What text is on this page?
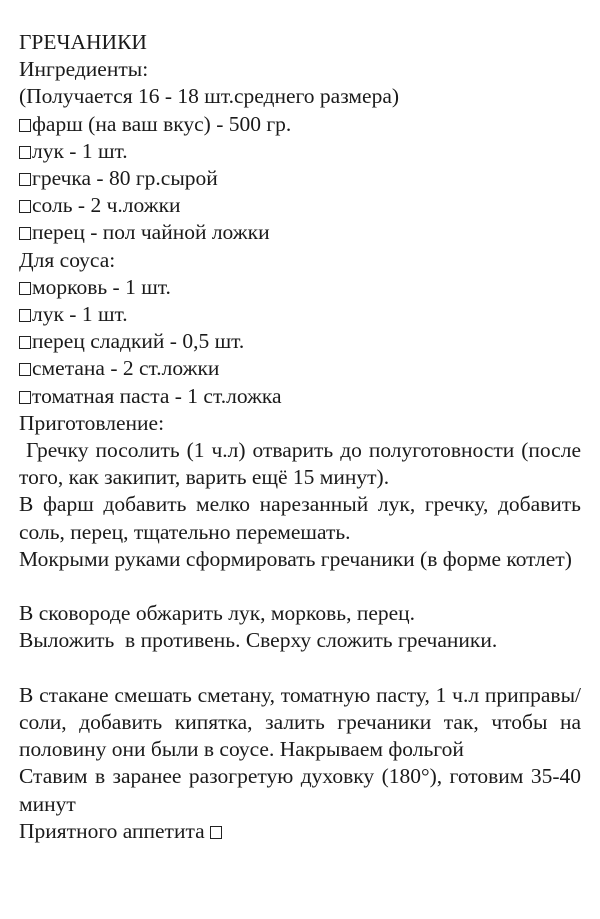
ГРЕЧАНИКИ
Ингредиенты:
(Получается 16 - 18 шт.среднего размера)
фарш (на ваш вкус) - 500 гр.
лук - 1 шт.
гречка - 80 гр.сырой
соль - 2 ч.ложки
перец - пол чайной ложки
Для соуса:
морковь - 1 шт.
лук - 1 шт.
перец сладкий - 0,5 шт.
сметана - 2 ст.ложки
томатная паста - 1 ст.ложка
Приготовление:
Гречку посолить (1 ч.л) отварить до полуготовности (после того, как закипит, варить ещё 15 минут).
В фарш добавить мелко нарезанный лук, гречку, добавить соль, перец, тщательно перемешать.
Мокрыми руками сформировать гречаники (в форме котлет)
В сковороде обжарить лук, морковь, перец.
Выложить  в противень. Сверху сложить гречаники.
В стакане смешать сметану, томатную пасту, 1 ч.л приправы/соли, добавить кипятка, залить гречаники так, чтобы на половину они были в соусе. Накрываем фольгой
Ставим в заранее разогретую духовку (180°), готовим 35-40 минут
Приятного аппетита
